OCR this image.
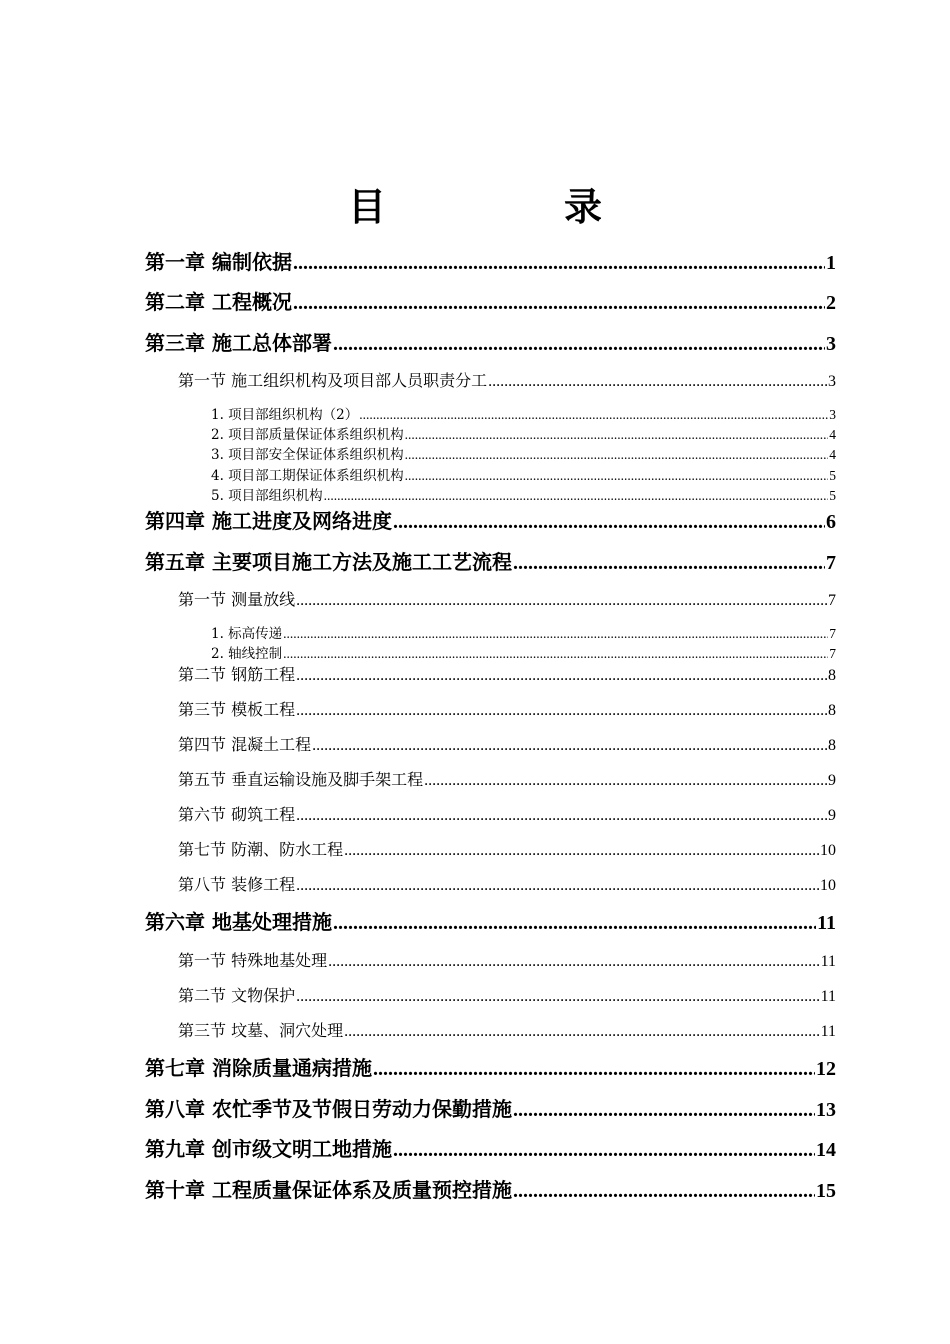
目　录
第一章 编制依据 .....	1
第二章 工程概况 .....	2
第三章 施工总体部署 .....	3
第一节 施工组织机构及项目部人员职责分工 .....	3
1. 项目部组织机构（2） .....	3
2. 项目部质量保证体系组织机构 .....	4
3. 项目部安全保证体系组织机构 .....	4
4. 项目部工期保证体系组织机构 .....	5
5. 项目部组织机构 .....	5
第四章 施工进度及网络进度 .....	6
第五章 主要项目施工方法及施工工艺流程 .....	7
第一节 测量放线 .....	7
1. 标高传递 .....	7
2. 轴线控制 .....	7
第二节 钢筋工程 .....	8
第三节 模板工程 .....	8
第四节 混凝土工程 .....	8
第五节 垂直运输设施及脚手架工程 .....	9
第六节 砌筑工程 .....	9
第七节 防潮、防水工程 .....	10
第八节 装修工程 .....	10
第六章 地基处理措施 .....	11
第一节 特殊地基处理 .....	11
第二节 文物保护 .....	11
第三节 坟墓、洞穴处理 .....	11
第七章 消除质量通病措施 .....	12
第八章 农忙季节及节假日劳动力保勤措施 .....	13
第九章 创市级文明工地措施 .....	14
第十章 工程质量保证体系及质量预控措施 .....	15
